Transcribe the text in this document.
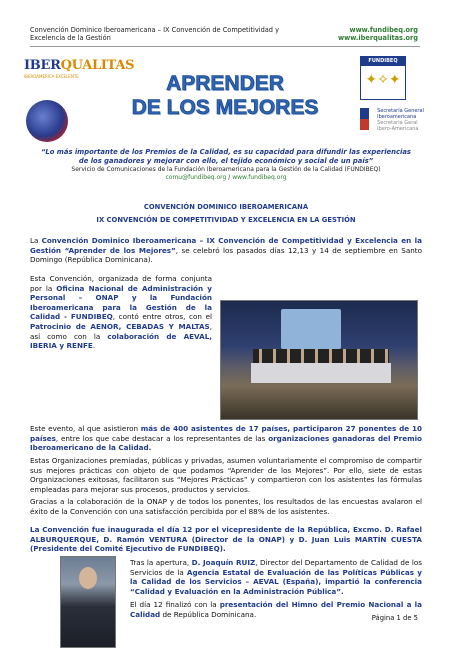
Convención Dominico Iberoamericana – IX Convención de Competitividad y
Excelencia de la Gestión
www.fundibeq.org
www.iberqualitas.org
IBERQUALITAS
IBEROAMÉRICA EXCELENTE	APRENDER
DE LOS MEJORES
FUNDIBEQ
✦✧✦
Secretaría General
Iberoamericana
Secretaria Geral
Ibero-Americana
“Lo más importante de los Premios de la Calidad, es su capacidad para difundir las experiencias de los ganadores y mejorar con ello, el tejido económico y social de un país”
Servicio de Comunicaciones de la Fundación Iberoamericana para la Gestión de la Calidad (FUNDIBEQ)
comu@fundibeq.org / www.fundibeq.org
CONVENCIÓN DOMINICO IBEROAMERICANA
IX CONVENCIÓN DE COMPETITIVIDAD Y EXCELENCIA EN LA GESTIÓN
La Convención Dominico Iberoamericana – IX Convención de Competitividad y Excelencia en la Gestión “Aprender de los Mejores”, se celebró los pasados días 12,13 y 14 de septiembre en Santo Domingo (República Dominicana).
Esta Convención, organizada de forma conjunta por la Oficina Nacional de Administración y Personal – ONAP y la Fundación Iberoamericana para la Gestión de la Calidad - FUNDIBEQ, contó entre otros, con el Patrocinio de AENOR, CEBADAS Y MALTAS, así como con la colaboración de AEVAL, IBERIA y RENFE.
Este evento, al que asistieron más de 400 asistentes de 17 países, participaron 27 ponentes de 10 países, entre los que cabe destacar a los representantes de las organizaciones ganadoras del Premio Iberoamericano de la Calidad.
Estas Organizaciones premiadas, públicas y privadas, asumen voluntariamente el compromiso de compartir sus mejores prácticas con objeto de que podamos “Aprender de los Mejores”. Por ello, siete de estas Organizaciones exitosas, facilitaron sus “Mejores Prácticas” y compartieron con los asistentes las fórmulas empleadas para mejorar sus procesos, productos y servicios.
Gracias a la colaboración de la ONAP y de todos los ponentes, los resultados de las encuestas avalaron el éxito de la Convención con una satisfacción percibida por el 88% de los asistentes.
La Convención fue inaugurada el día 12 por el vicepresidente de la República, Excmo. D. Rafael ALBURQUERQUE, D. Ramón VENTURA (Director de la ONAP) y D. Juan Luis MARTÍN CUESTA (Presidente del Comité Ejecutivo de FUNDIBEQ).
Tras la apertura, D. Joaquín RUIZ, Director del Departamento de Calidad de los Servicios de la Agencia Estatal de Evaluación de las Políticas Públicas y la Calidad de los Servicios – AEVAL (España), impartió la conferencia “Calidad y Evaluación en la Administración Pública”.
El día 12 finalizó con la presentación del Himno del Premio Nacional a la Calidad de República Dominicana.	Página 1 de 5
